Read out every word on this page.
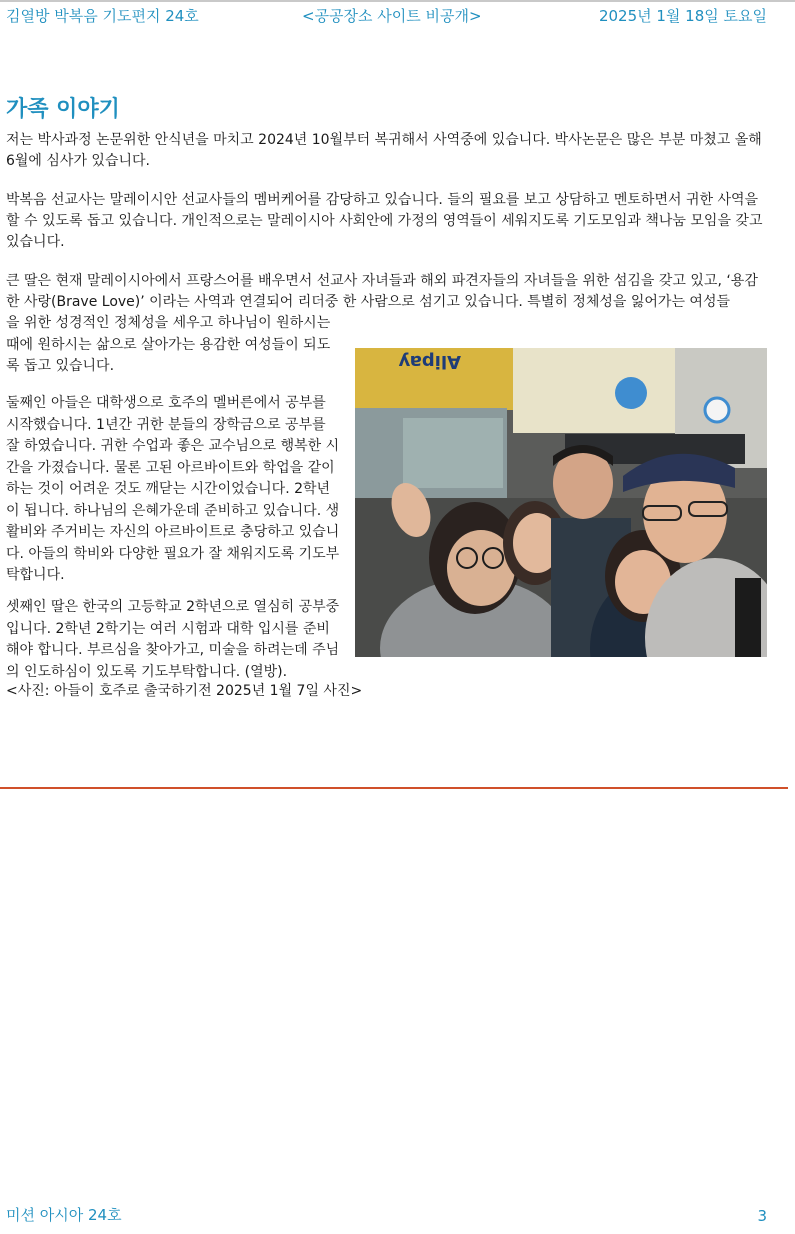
김열방 박복음 기도편지 24호	<공공장소 사이트 비공개>	2025년 1월 18일 토요일
가족 이야기

저는 박사과정 논문위한 안식년을 마치고 2024년 10월부터 복귀해서 사역중에 있습니다. 박사논문은 많은 부분 마쳤고 올해 6월에 심사가 있습니다.

박복음 선교사는 말레이시안 선교사들의 멤버케어를 감당하고 있습니다. 들의 필요를 보고 상담하고 멘토하면서 귀한 사역을 할 수 있도록 돕고 있습니다. 개인적으로는 말레이시아 사회안에 가정의 영역들이 세워지도록 기도모임과 책나눔 모임을 갖고 있습니다.

큰 딸은 현재 말레이시아에서 프랑스어를 배우면서 선교사 자녀들과 해외 파견자들의 자녀들을 위한 섬김을 갖고 있고, ‘용감한 사랑(Brave Love)’ 이라는 사역과 연결되어 리더중 한 사람으로 섬기고 있습니다. 특별히 정체성을 잃어가는 여성들

을 위한 성경적인 정체성을 세우고 하나님이 원하시는 때에 원하시는 삶으로 살아가는 용감한 여성들이 되도록 돕고 있습니다.

둘째인 아들은 대학생으로 호주의 멜버른에서 공부를 시작했습니다. 1년간 귀한 분들의 장학금으로 공부를 잘 하였습니다. 귀한 수업과 좋은 교수님으로 행복한 시간을 가졌습니다. 물론 고된 아르바이트와 학업을 같이 하는 것이 어려운 것도 깨닫는 시간이었습니다. 2학년이 됩니다. 하나님의 은혜가운데 준비하고 있습니다. 생활비와 주거비는 자신의 아르바이트로 충당하고 있습니다. 아들의 학비와 다양한 필요가 잘 채워지도록 기도부탁합니다.

셋째인 딸은 한국의 고등학교 2학년으로 열심히 공부중입니다. 2학년 2학기는 여러 시험과 대학 입시를 준비해야 합니다. 부르심을 찾아가고, 미술을 하려는데 주님의 인도하심이 있도록 기도부탁합니다. (열방).

<사진: 아들이 호주로 출국하기전 2025년 1월 7일 사진>

Alipay
미션 아시아 24호	3
